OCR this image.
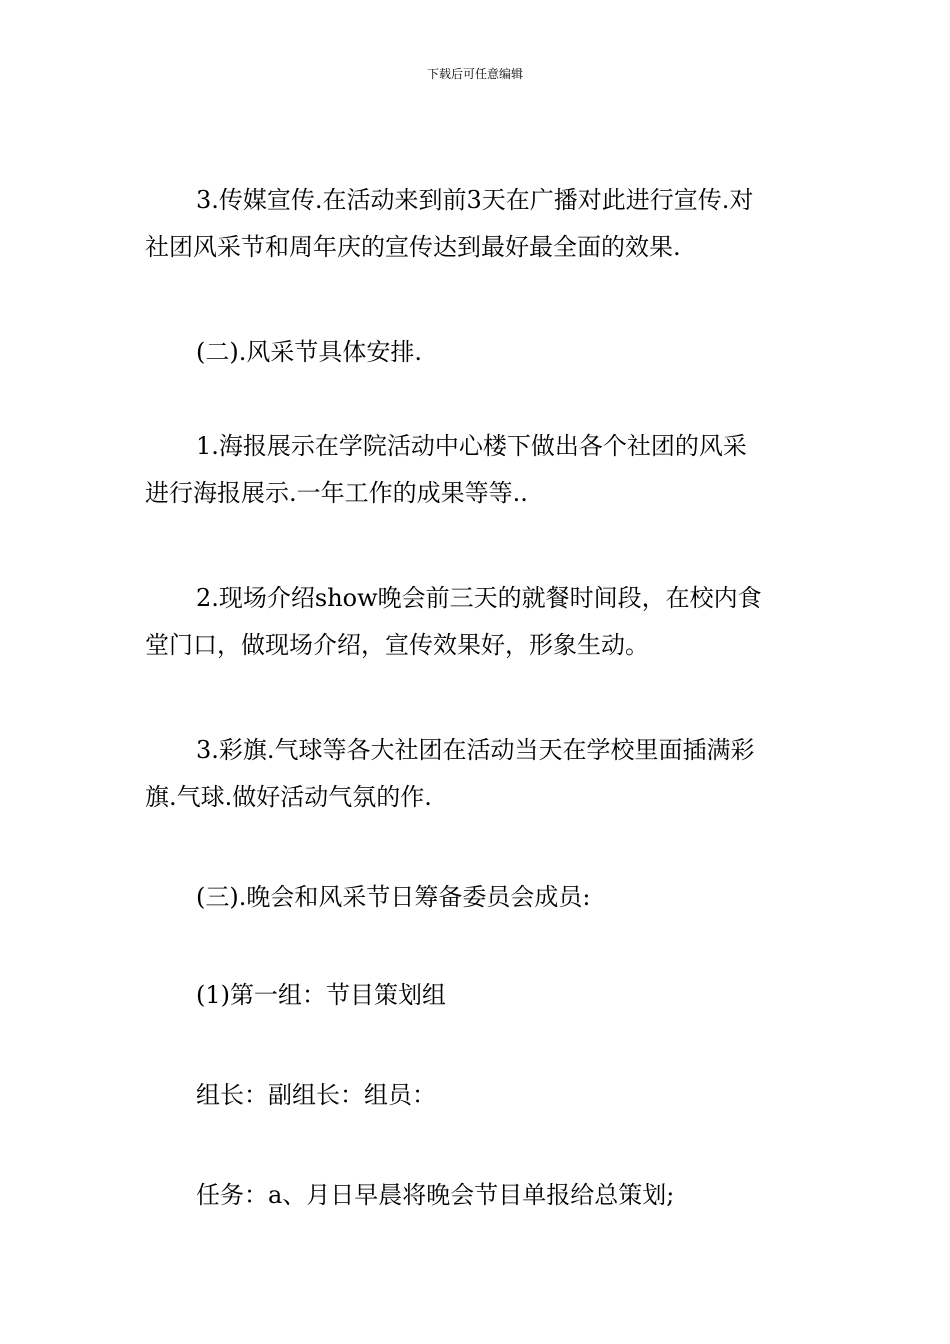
下载后可任意编辑

3.传媒宣传.在活动来到前3天在广播对此进行宣传.对
社团风采节和周年庆的宣传达到最好最全面的效果.

(二).风采节具体安排.

1.海报展示在学院活动中心楼下做出各个社团的风采
进行海报展示.一年工作的成果等等..

2.现场介绍show晚会前三天的就餐时间段，在校内食
堂门口，做现场介绍，宣传效果好，形象生动。

3.彩旗.气球等各大社团在活动当天在学校里面插满彩
旗.气球.做好活动气氛的作.

(三).晚会和风采节日筹备委员会成员:

(1)第一组：节目策划组

组长：副组长：组员：

任务：a、月日早晨将晚会节目单报给总策划;
